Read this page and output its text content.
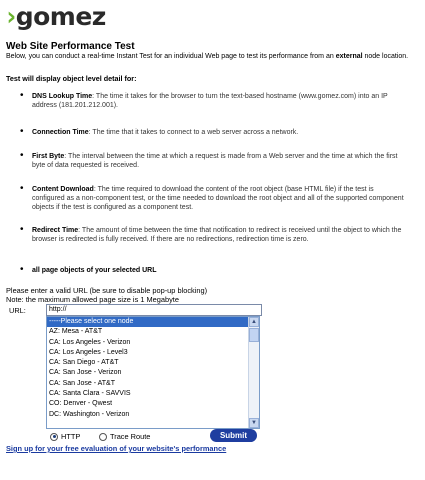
› gomez
Web Site Performance Test

Below, you can conduct a real-time Instant Test for an individual Web page to test its performance from an external node location.

Test will display object level detail for:

• DNS Lookup Time: The time it takes for the browser to turn the text-based hostname (www.gomez.com) into an IP address (181.201.212.001).
• Connection Time: The time that it takes to connect to a web server across a network.
• First Byte: The interval between the time at which a request is made from a Web server and the time at which the first byte of data requested is received.
• Content Download: The time required to download the content of the root object (base HTML file) if the test is configured as a non-component test, or the time needed to download the root object and all of the supported component objects if the test is configured as a component test.
• Redirect Time: The amount of time between the time that notification to redirect is received until the object to which the browser is redirected is fully received. If there are no redirections, redirection time is zero.
• all page objects of your selected URL
Please enter a valid URL (be sure to disable pop-up blocking)
Note: the maximum allowed page size is 1 Megabyte
URL:
http://
-----Please select one node
AZ: Mesa - AT&T
CA: Los Angeles - Verizon
CA: Los Angeles - Level3
CA: San Diego - AT&T
CA: San Jose - Verizon
CA: San Jose - AT&T
CA: Santa Clara - SAVVIS
CO: Denver - Qwest
DC: Washington - Verizon
▲
▼
HTTP	Trace Route	Submit
Sign up for your free evaluation of your website's performance
